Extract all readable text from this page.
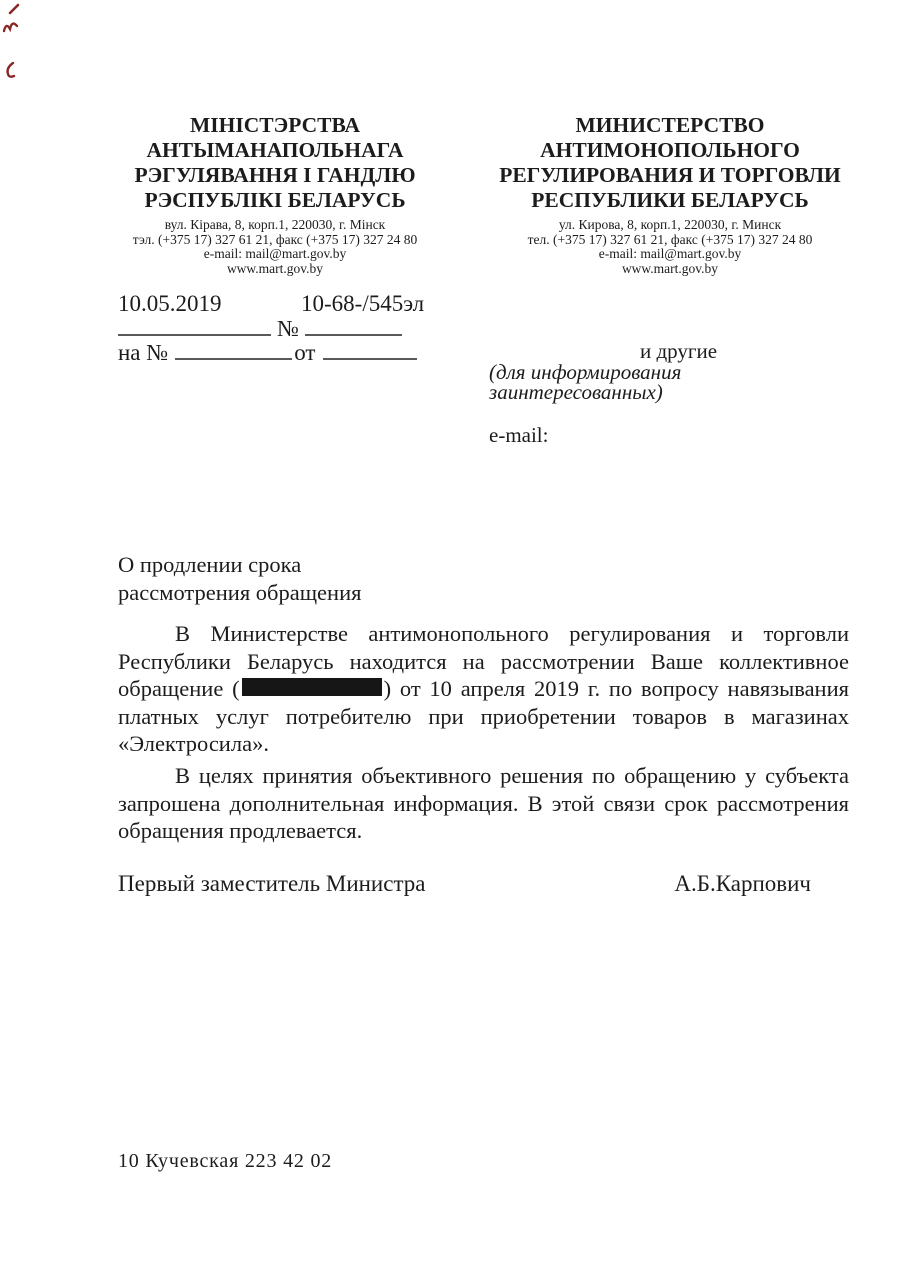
МІНІСТЭРСТВА
АНТЫМАНАПОЛЬНАГА
РЭГУЛЯВАННЯ І ГАНДЛЮ
РЭСПУБЛІКІ БЕЛАРУСЬ
вул. Кірава, 8, корп.1, 220030, г. Мінск
тэл. (+375 17) 327 61 21, факс (+375 17) 327 24 80
e-mail: mail@mart.gov.by
www.mart.gov.by
МИНИСТЕРСТВО
АНТИМОНОПОЛЬНОГО
РЕГУЛИРОВАНИЯ И ТОРГОВЛИ
РЕСПУБЛИКИ БЕЛАРУСЬ
ул. Кирова, 8, корп.1, 220030, г. Минск
тел. (+375 17) 327 61 21, факс (+375 17) 327 24 80
e-mail: mail@mart.gov.by
www.mart.gov.by
10.05.2019	10-68-/545эл
№
на №	от	и другие
(для информирования
заинтересованных)
e-mail:
О продлении срока
рассмотрения обращения

В Министерстве антимонопольного регулирования и торговли Республики Беларусь находится на рассмотрении Ваше коллективное обращение (	) от 10 апреля 2019 г. по вопросу навязывания платных услуг потребителю при приобретении товаров в магазинах «Электросила».

В целях принятия объективного решения по обращению у субъекта запрошена дополнительная информация. В этой связи срок рассмотрения обращения продлевается.

Первый заместитель Министра	А.Б.Карпович
10 Кучевская 223 42 02
